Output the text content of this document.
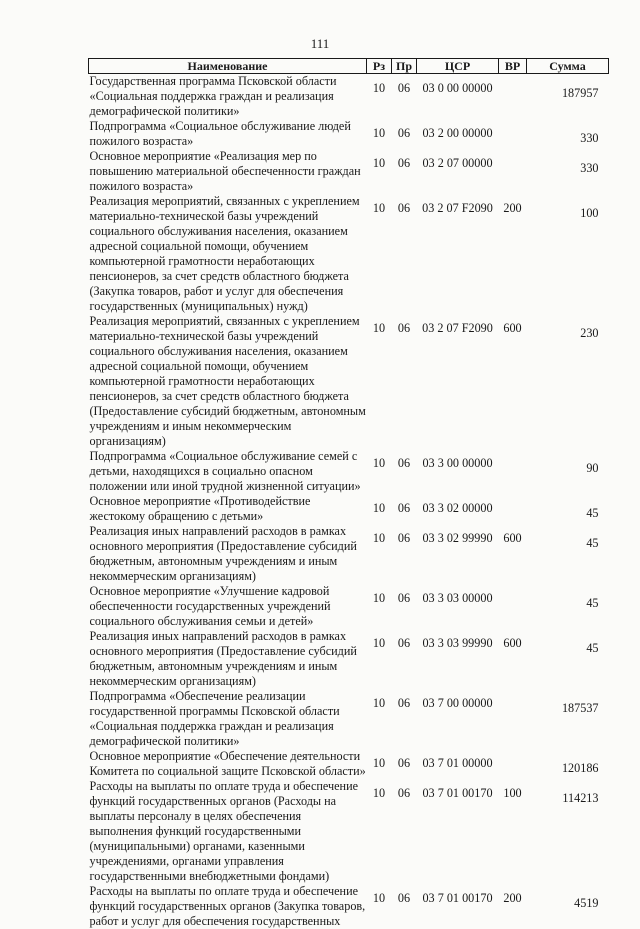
111
Наименование	Рз	Пр	ЦСР	ВР	Сумма
Государственная программа Псковской области «Социальная поддержка граждан и реализация демографической политики»	10	06	03 0 00 00000		187957
Подпрограмма «Социальное обслуживание людей пожилого возраста»	10	06	03 2 00 00000		330
Основное мероприятие «Реализация мер по повышению материальной обеспеченности граждан пожилого возраста»	10	06	03 2 07 00000		330
Реализация мероприятий, связанных с укреплением материально-технической базы учреждений социального обслуживания населения, оказанием адресной социальной помощи, обучением компьютерной грамотности неработающих пенсионеров, за счет средств областного бюджета (Закупка товаров, работ и услуг для обеспечения государственных (муниципальных) нужд)	10	06	03 2 07 F2090	200	100
Реализация мероприятий, связанных с укреплением материально-технической базы учреждений социального обслуживания населения, оказанием адресной социальной помощи, обучением компьютерной грамотности неработающих пенсионеров, за счет средств областного бюджета (Предоставление субсидий бюджетным, автономным учреждениям и иным некоммерческим организациям)	10	06	03 2 07 F2090	600	230
Подпрограмма «Социальное обслуживание семей с детьми, находящихся в социально опасном положении или иной трудной жизненной ситуации»	10	06	03 3 00 00000		90
Основное мероприятие «Противодействие жестокому обращению с детьми»	10	06	03 3 02 00000		45
Реализация иных направлений расходов в рамках основного мероприятия (Предоставление субсидий бюджетным, автономным учреждениям и иным некоммерческим организациям)	10	06	03 3 02 99990	600	45
Основное мероприятие «Улучшение кадровой обеспеченности государственных учреждений социального обслуживания семьи и детей»	10	06	03 3 03 00000		45
Реализация иных направлений расходов в рамках основного мероприятия (Предоставление субсидий бюджетным, автономным учреждениям и иным некоммерческим организациям)	10	06	03 3 03 99990	600	45
Подпрограмма «Обеспечение реализации государственной программы Псковской области «Социальная поддержка граждан и реализация демографической политики»	10	06	03 7 00 00000		187537
Основное мероприятие «Обеспечение деятельности Комитета по социальной защите Псковской области»	10	06	03 7 01 00000		120186
Расходы на выплаты по оплате труда и обеспечение функций государственных органов (Расходы на выплаты персоналу в целях обеспечения выполнения функций государственными (муниципальными) органами, казенными учреждениями, органами управления государственными внебюджетными фондами)	10	06	03 7 01 00170	100	114213
Расходы на выплаты по оплате труда и обеспечение функций государственных органов (Закупка товаров, работ и услуг для обеспечения государственных	10	06	03 7 01 00170	200	4519
